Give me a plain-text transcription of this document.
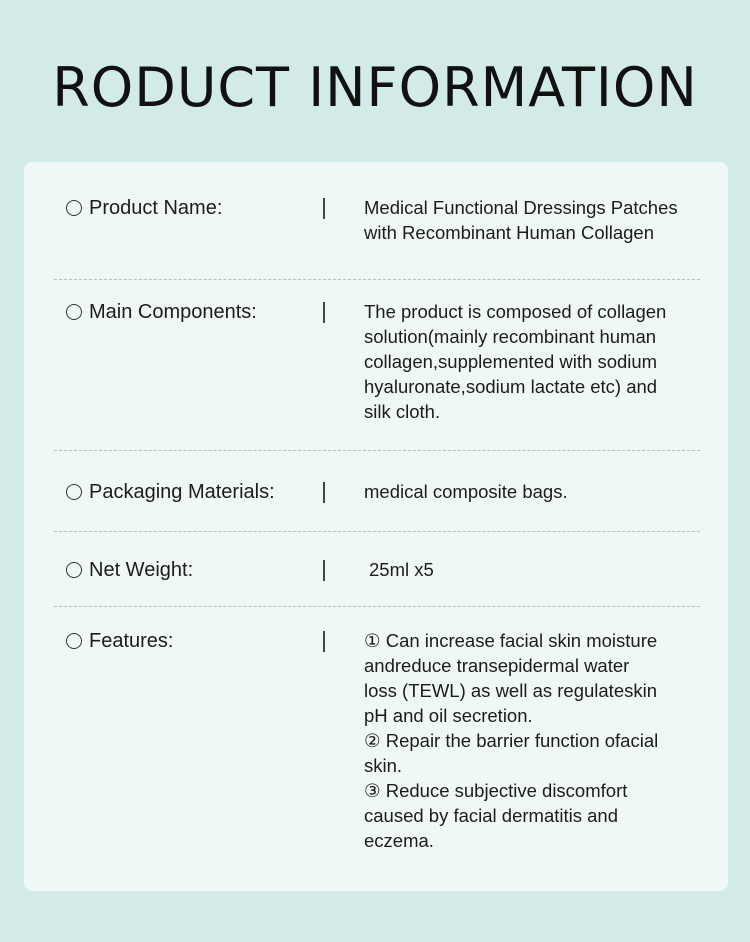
RODUCT INFORMATION
Product Name:	Medical Functional Dressings Patches

with Recombinant Human Collagen

Main Components:	The product is composed of collagen

solution(mainly recombinant human

collagen,supplemented with sodium

hyaluronate,sodium lactate etc) and

silk cloth.

Packaging Materials:	medical composite bags.

Net Weight:	25ml x5

Features:	① Can increase facial skin moisture

andreduce transepidermal water

loss (TEWL) as well as regulateskin

pH and oil secretion.

② Repair the barrier function ofacial

skin.

③ Reduce subjective discomfort

caused by facial dermatitis and

eczema.
